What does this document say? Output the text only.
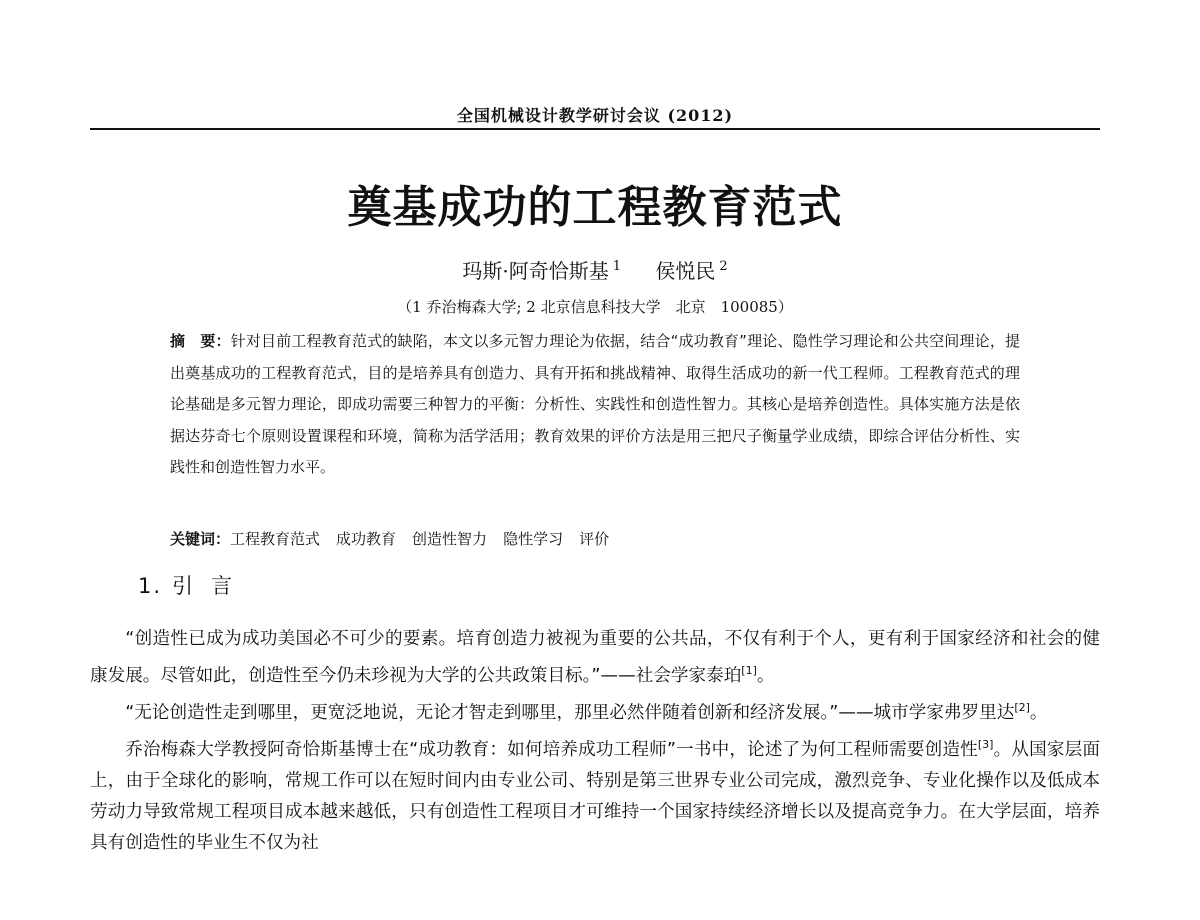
全国机械设计教学研讨会议 (2012)
奠基成功的工程教育范式
玛斯·阿奇恰斯基 $^1$ 侯悦民 $^2$
（1 乔治梅森大学; 2 北京信息科技大学　北京　100085）
摘　要：针对目前工程教育范式的缺陷，本文以多元智力理论为依据，结合“成功教育”理论、隐性学习理论和公共空间理论，提出奠基成功的工程教育范式，目的是培养具有创造力、具有开拓和挑战精神、取得生活成功的新一代工程师。工程教育范式的理论基础是多元智力理论，即成功需要三种智力的平衡：分析性、实践性和创造性智力。其核心是培养创造性。具体实施方法是依据达芬奇七个原则设置课程和环境，简称为活学活用；教育效果的评价方法是用三把尺子衡量学业成绩，即综合评估分析性、实践性和创造性智力水平。
关键词：工程教育范式 成功教育 创造性智力 隐性学习 评价
1. 引言

“创造性已成为成功美国必不可少的要素。培育创造力被视为重要的公共品，不仅有利于个人，更有利于国家经济和社会的健康发展。尽管如此，创造性至今仍未珍视为大学的公共政策目标。”——社会学家泰珀[1]。

“无论创造性走到哪里，更宽泛地说，无论才智走到哪里，那里必然伴随着创新和经济发展。”——城市学家弗罗里达[2]。

乔治梅森大学教授阿奇恰斯基博士在“成功教育：如何培养成功工程师”一书中，论述了为何工程师需要创造性[3]。从国家层面上，由于全球化的影响，常规工作可以在短时间内由专业公司、特别是第三世界专业公司完成，激烈竞争、专业化操作以及低成本劳动力导致常规工程项目成本越来越低，只有创造性工程项目才可维持一个国家持续经济增长以及提高竞争力。在大学层面，培养具有创造性的毕业生不仅为社
